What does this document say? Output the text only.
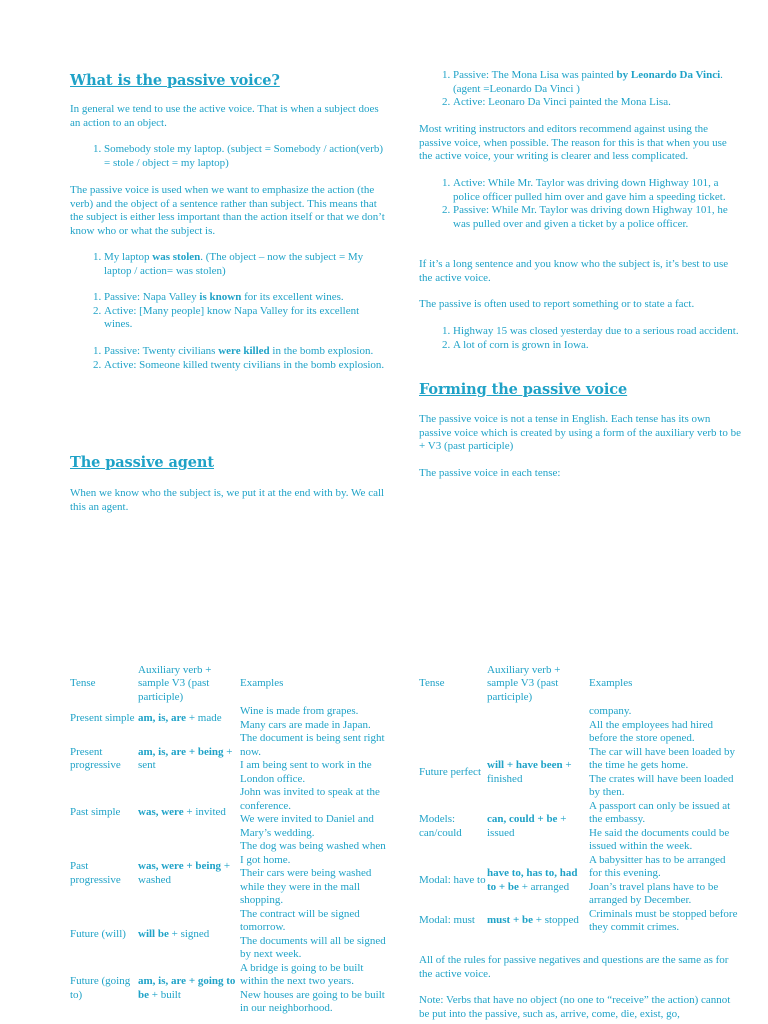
What is the passive voice?

In general we tend to use the active voice. That is when a subject does an action to an object.

1. Somebody stole my laptop. (subject = Somebody / action(verb) = stole / object = my laptop)

The passive voice is used when we want to emphasize the action (the verb) and the object of a sentence rather than subject. This means that the subject is either less important than the action itself or that we don’t know who or what the subject is.

1. My laptop was stolen. (The object – now the subject = My laptop / action= was stolen)
1. Passive: Napa Valley is known for its excellent wines.
2. Active: [Many people] know Napa Valley for its excellent wines.
1. Passive: Twenty civilians were killed in the bomb explosion.
2. Active: Someone killed twenty civilians in the bomb explosion.
The passive agent

When we know who the subject is, we put it at the end with by. We call this an agent.

1. Passive: The Mona Lisa was painted by Leonardo Da Vinci. (agent =Leonardo Da Vinci )
2. Active: Leonaro Da Vinci painted the Mona Lisa.

Most writing instructors and editors recommend against using the passive voice, when possible. The reason for this is that when you use the active voice, your writing is clearer and less complicated.

1. Active: While Mr. Taylor was driving down Highway 101, a police officer pulled him over and gave him a speeding ticket.
2. Passive: While Mr. Taylor was driving down Highway 101, he was pulled over and given a ticket by a police officer.

If it’s a long sentence and you know who the subject is, it’s best to use the active voice.

The passive is often used to report something or to state a fact.

1. Highway 15 was closed yesterday due to a serious road accident.
2. A lot of corn is grown in Iowa.
Forming the passive voice

The passive voice is not a tense in English. Each tense has its own passive voice which is created by using a form of the auxiliary verb to be + V3 (past participle)

The passive voice in each tense:

All of the rules for passive negatives and questions are the same as for the active voice.

Note: Verbs that have no object (no one to “receive” the action) cannot be put into the passive, such as, arrive, come, die, exist, go,

Tense	Auxiliary verb + sample V3 (past participle)	Examples
Present simple	am, is, are + made	Wine is made from grapes.
Many cars are made in Japan.
Present progressive	am, is, are + being + sent	The document is being sent right now.
I am being sent to work in the London office.
Past simple	was, were + invited	John was invited to speak at the conference.
We were invited to Daniel and Mary’s wedding.
Past progressive	was, were + being + washed	The dog was being washed when I got home.
Their cars were being washed while they were in the mall shopping.
Future (will)	will be + signed	The contract will be signed tomorrow.
The documents will all be signed by next week.
Future (going to)	am, is, are + going to be + built	A bridge is going to be built within the next two years.
New houses are going to be built in our neighborhood.
Tense	Auxiliary verb + sample V3 (past participle)	Examples
		company.
All the employees had hired before the store opened.
Future perfect	will + have been + finished	The car will have been loaded by the time he gets home.
The crates will have been loaded by then.
Models: can/could	can, could + be + issued	A passport can only be issued at the embassy.
He said the documents could be issued within the week.
Modal: have to	have to, has to, had to + be + arranged	A babysitter has to be arranged for this evening.
Joan’s travel plans have to be arranged by December.
Modal: must	must + be + stopped	Criminals must be stopped before they commit crimes.
